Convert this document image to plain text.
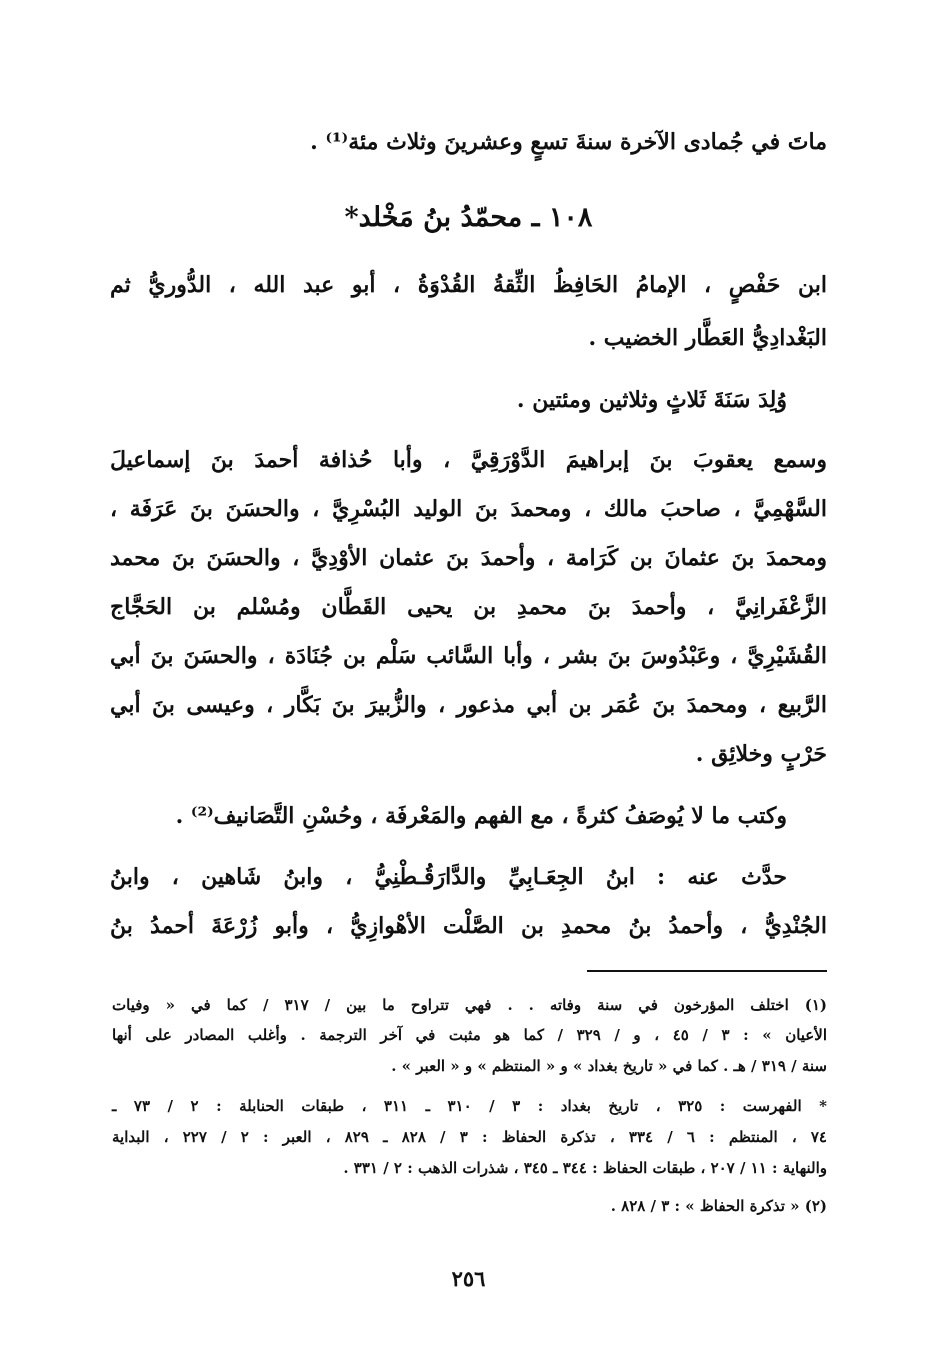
ماتَ في جُمادى الآخرة سنةَ تسعٍ وعشرينَ وثلاث مئة⁽¹⁾ .

١٠٨ ـ محمّدُ بنُ مَخْلد*

ابن حَفْصٍ ، الإمامُ الحَافِظُ الثِّقةُ القُدْوَةُ ، أبو عبد الله ، الدُّوريُّ ثم

البَغْدادِيُّ العَطَّار الخضيب .

وُلِدَ سَنَةَ ثَلاثٍ وثلاثين ومئتين .

وسمع يعقوبَ بنَ إبراهيمَ الدَّوْرَقِيَّ ، وأبا حُذافة أحمدَ بنَ إسماعيلَ

السَّهْمِيَّ ، صاحبَ مالك ، ومحمدَ بنَ الوليد البُسْرِيَّ ، والحسَنَ بنَ عَرَفَة ،

ومحمدَ بنَ عثمانَ بن كَرَامة ، وأحمدَ بنَ عثمان الأوْدِيَّ ، والحسَنَ بنَ محمد

الزَّعْفَرانِيَّ ، وأحمدَ بنَ محمدِ بن يحيى القَطَّان ومُسْلم بن الحَجَّاج

القُشَيْرِيَّ ، وعَبْدُوسَ بنَ بشر ، وأبا السَّائب سَلْم بن جُنَادَة ، والحسَنَ بنَ أبي

الرَّبيع ، ومحمدَ بنَ عُمَر بن أبي مذعور ، والزُّبيرَ بنَ بَكَّار ، وعيسى بنَ أبي

حَرْبٍ وخلائِق .

وكتب ما لا يُوصَفُ كثرةً ، مع الفهم والمَعْرفَة ، وحُسْنِ التَّصَانيف⁽²⁾ .

حدَّث عنه : ابنُ الجِعَـابِيِّ والدَّارَقُـطْنِيُّ ، وابنُ شَاهين ، وابنُ

الجُنْدِيُّ ، وأحمدُ بنُ محمدِ بن الصَّلْت الأهْوازِيُّ ، وأبو زُرْعَةَ أحمدُ بنُ

(١) اختلف المؤرخون في سنة وفاته . . فهي تتراوح ما بين / ٣١٧ / كما في « وفيات

الأعيان » : ٣ / ٤٥ ، و / ٣٢٩ / كما هو مثبت في آخر الترجمة . وأغلب المصادر على أنها

سنة / ٣١٩ / هـ . كما في « تاريخ بغداد » و « المنتظم » و « العبر » .

* الفهرست : ٣٢٥ ، تاريخ بغداد : ٣ / ٣١٠ ـ ٣١١ ، طبقات الحنابلة : ٢ / ٧٣ ـ

٧٤ ، المنتظم : ٦ / ٣٣٤ ، تذكرة الحفاظ : ٣ / ٨٢٨ ـ ٨٢٩ ، العبر : ٢ / ٢٢٧ ، البداية

والنهاية : ١١ / ٢٠٧ ، طبقات الحفاظ : ٣٤٤ ـ ٣٤٥ ، شذرات الذهب : ٢ / ٣٣١ .

(٢) « تذكرة الحفاظ » : ٣ / ٨٢٨ .

٢٥٦
